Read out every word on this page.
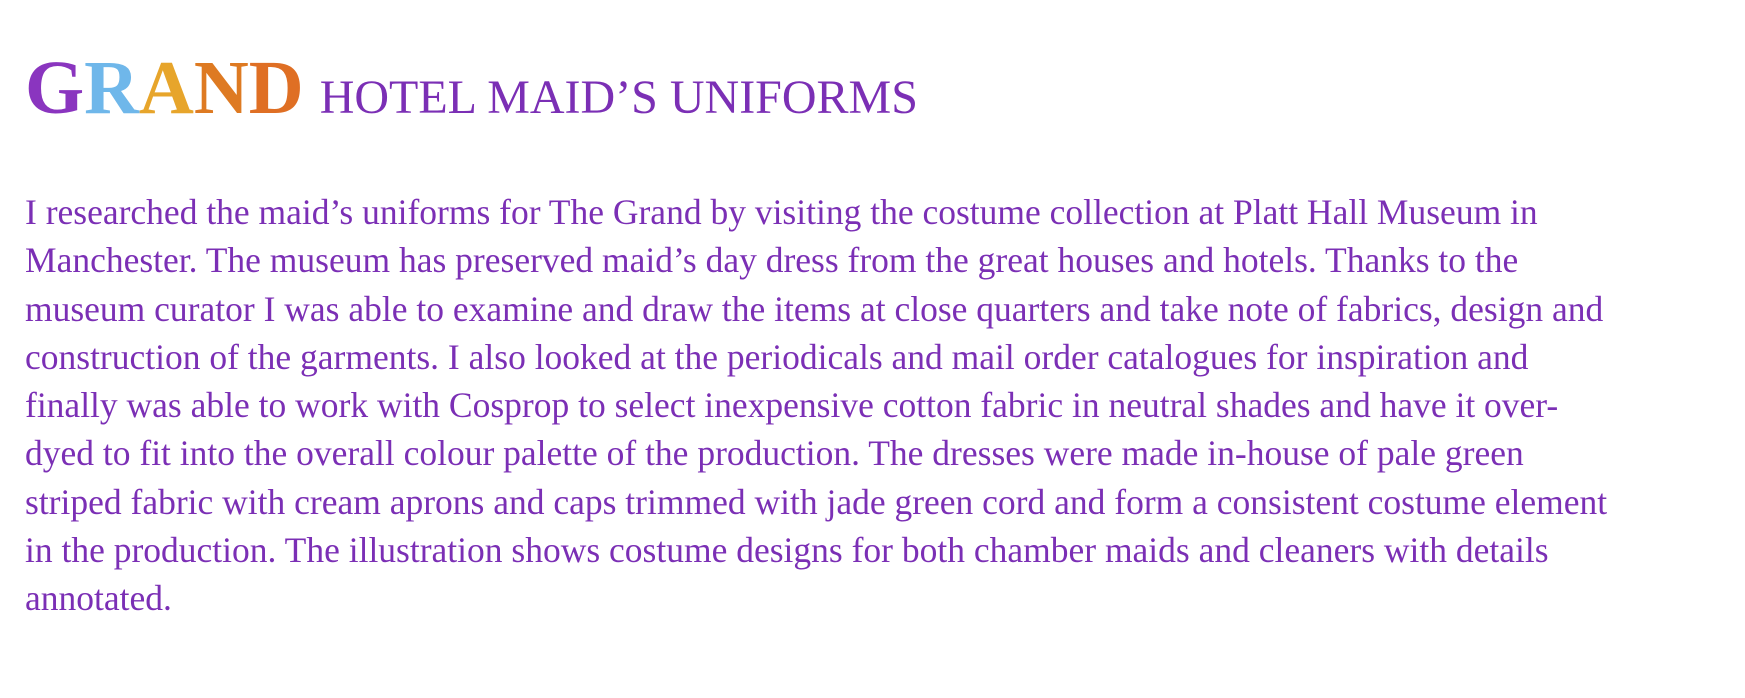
GRAND HOTEL MAID’S UNIFORMS

I researched the maid’s uniforms for The Grand by visiting the costume collection at Platt Hall Museum in
Manchester. The museum has preserved maid’s day dress from the great houses and hotels. Thanks to the
museum curator I was able to examine and draw the items at close quarters and take note of fabrics, design and
construction of the garments. I also looked at the periodicals and mail order catalogues for inspiration and
finally was able to work with Cosprop to select inexpensive cotton fabric in neutral shades and have it over-
dyed to fit into the overall colour palette of the production. The dresses were made in-house of pale green
striped fabric with cream aprons and caps trimmed with jade green cord and form a consistent costume element
in the production. The illustration shows costume designs for both chamber maids and cleaners with details
annotated.
